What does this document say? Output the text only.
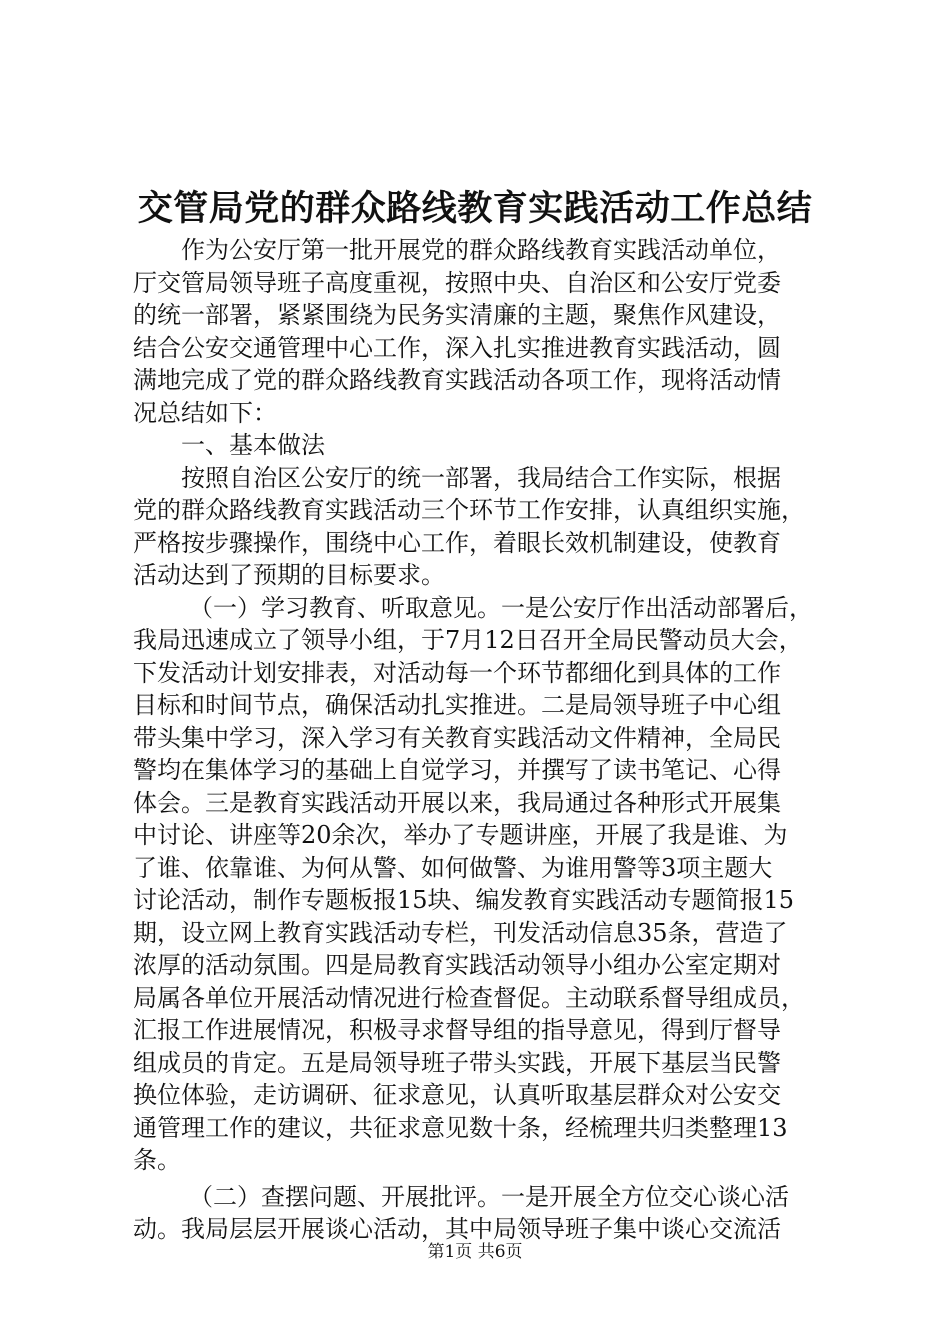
交管局党的群众路线教育实践活动工作总结
作为公安厅第一批开展党的群众路线教育实践活动单位，
厅交管局领导班子高度重视，按照中央、自治区和公安厅党委
的统一部署，紧紧围绕为民务实清廉的主题，聚焦作风建设，
结合公安交通管理中心工作，深入扎实推进教育实践活动，圆
满地完成了党的群众路线教育实践活动各项工作，现将活动情
况总结如下：
一、基本做法
按照自治区公安厅的统一部署，我局结合工作实际，根据
党的群众路线教育实践活动三个环节工作安排，认真组织实施，
严格按步骤操作，围绕中心工作，着眼长效机制建设，使教育
活动达到了预期的目标要求。
（一）学习教育、听取意见。一是公安厅作出活动部署后，
我局迅速成立了领导小组，于7月12日召开全局民警动员大会，
下发活动计划安排表，对活动每一个环节都细化到具体的工作
目标和时间节点，确保活动扎实推进。二是局领导班子中心组
带头集中学习，深入学习有关教育实践活动文件精神，全局民
警均在集体学习的基础上自觉学习，并撰写了读书笔记、心得
体会。三是教育实践活动开展以来，我局通过各种形式开展集
中讨论、讲座等20余次，举办了专题讲座，开展了我是谁、为
了谁、依靠谁、为何从警、如何做警、为谁用警等3项主题大
讨论活动，制作专题板报15块、编发教育实践活动专题简报15
期，设立网上教育实践活动专栏，刊发活动信息35条，营造了
浓厚的活动氛围。四是局教育实践活动领导小组办公室定期对
局属各单位开展活动情况进行检查督促。主动联系督导组成员，
汇报工作进展情况，积极寻求督导组的指导意见，得到厅督导
组成员的肯定。五是局领导班子带头实践，开展下基层当民警
换位体验，走访调研、征求意见，认真听取基层群众对公安交
通管理工作的建议，共征求意见数十条，经梳理共归类整理13
条。
（二）查摆问题、开展批评。一是开展全方位交心谈心活
动。我局层层开展谈心活动，其中局领导班子集中谈心交流活
第1页 共6页
